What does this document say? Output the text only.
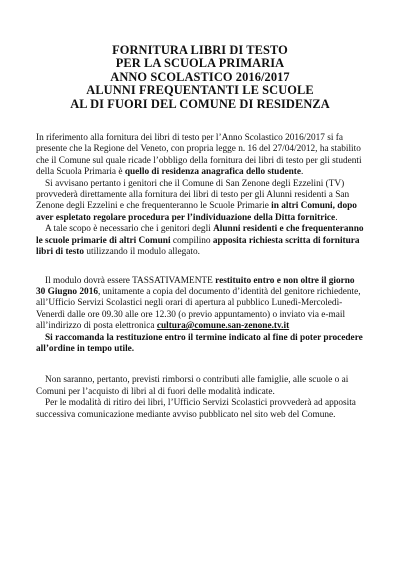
FORNITURA LIBRI DI TESTO
PER LA SCUOLA PRIMARIA
ANNO SCOLASTICO 2016/2017
ALUNNI FREQUENTANTI LE SCUOLE
AL DI FUORI DEL COMUNE DI RESIDENZA

In riferimento alla fornitura dei libri di testo per l’Anno Scolastico 2016/2017 si fa presente che la Regione del Veneto, con propria legge n. 16 del 27/04/2012, ha stabilito che il Comune sul quale ricade l’obbligo della fornitura dei libri di testo per gli studenti della Scuola Primaria è quello di residenza anagrafica dello studente.

Si avvisano pertanto i genitori che il Comune di San Zenone degli Ezzelini (TV) provvederà direttamente alla fornitura dei libri di testo per gli Alunni residenti a San Zenone degli Ezzelini e che frequenteranno le Scuole Primarie in altri Comuni, dopo aver espletato regolare procedura per l’individuazione della Ditta fornitrice.

A tale scopo è necessario che i genitori degli Alunni residenti e che frequenteranno le scuole primarie di altri Comuni compilino apposita richiesta scritta di fornitura libri di testo utilizzando il modulo allegato.

Il modulo dovrà essere TASSATIVAMENTE restituito entro e non oltre il giorno 30 Giugno 2016, unitamente a copia del documento d’identità del genitore richiedente, all’Ufficio Servizi Scolastici negli orari di apertura al pubblico Lunedì-Mercoledì-Venerdì dalle ore 09.30 alle ore 12.30 (o previo appuntamento) o inviato via e-mail all’indirizzo di posta elettronica cultura@comune.san-zenone.tv.it

Si raccomanda la restituzione entro il termine indicato al fine di poter procedere all’ordine in tempo utile.

Non saranno, pertanto, previsti rimborsi o contributi alle famiglie, alle scuole o ai Comuni per l’acquisto di libri al di fuori delle modalità indicate.

Per le modalità di ritiro dei libri, l’Ufficio Servizi Scolastici provvederà ad apposita successiva comunicazione mediante avviso pubblicato nel sito web del Comune.
